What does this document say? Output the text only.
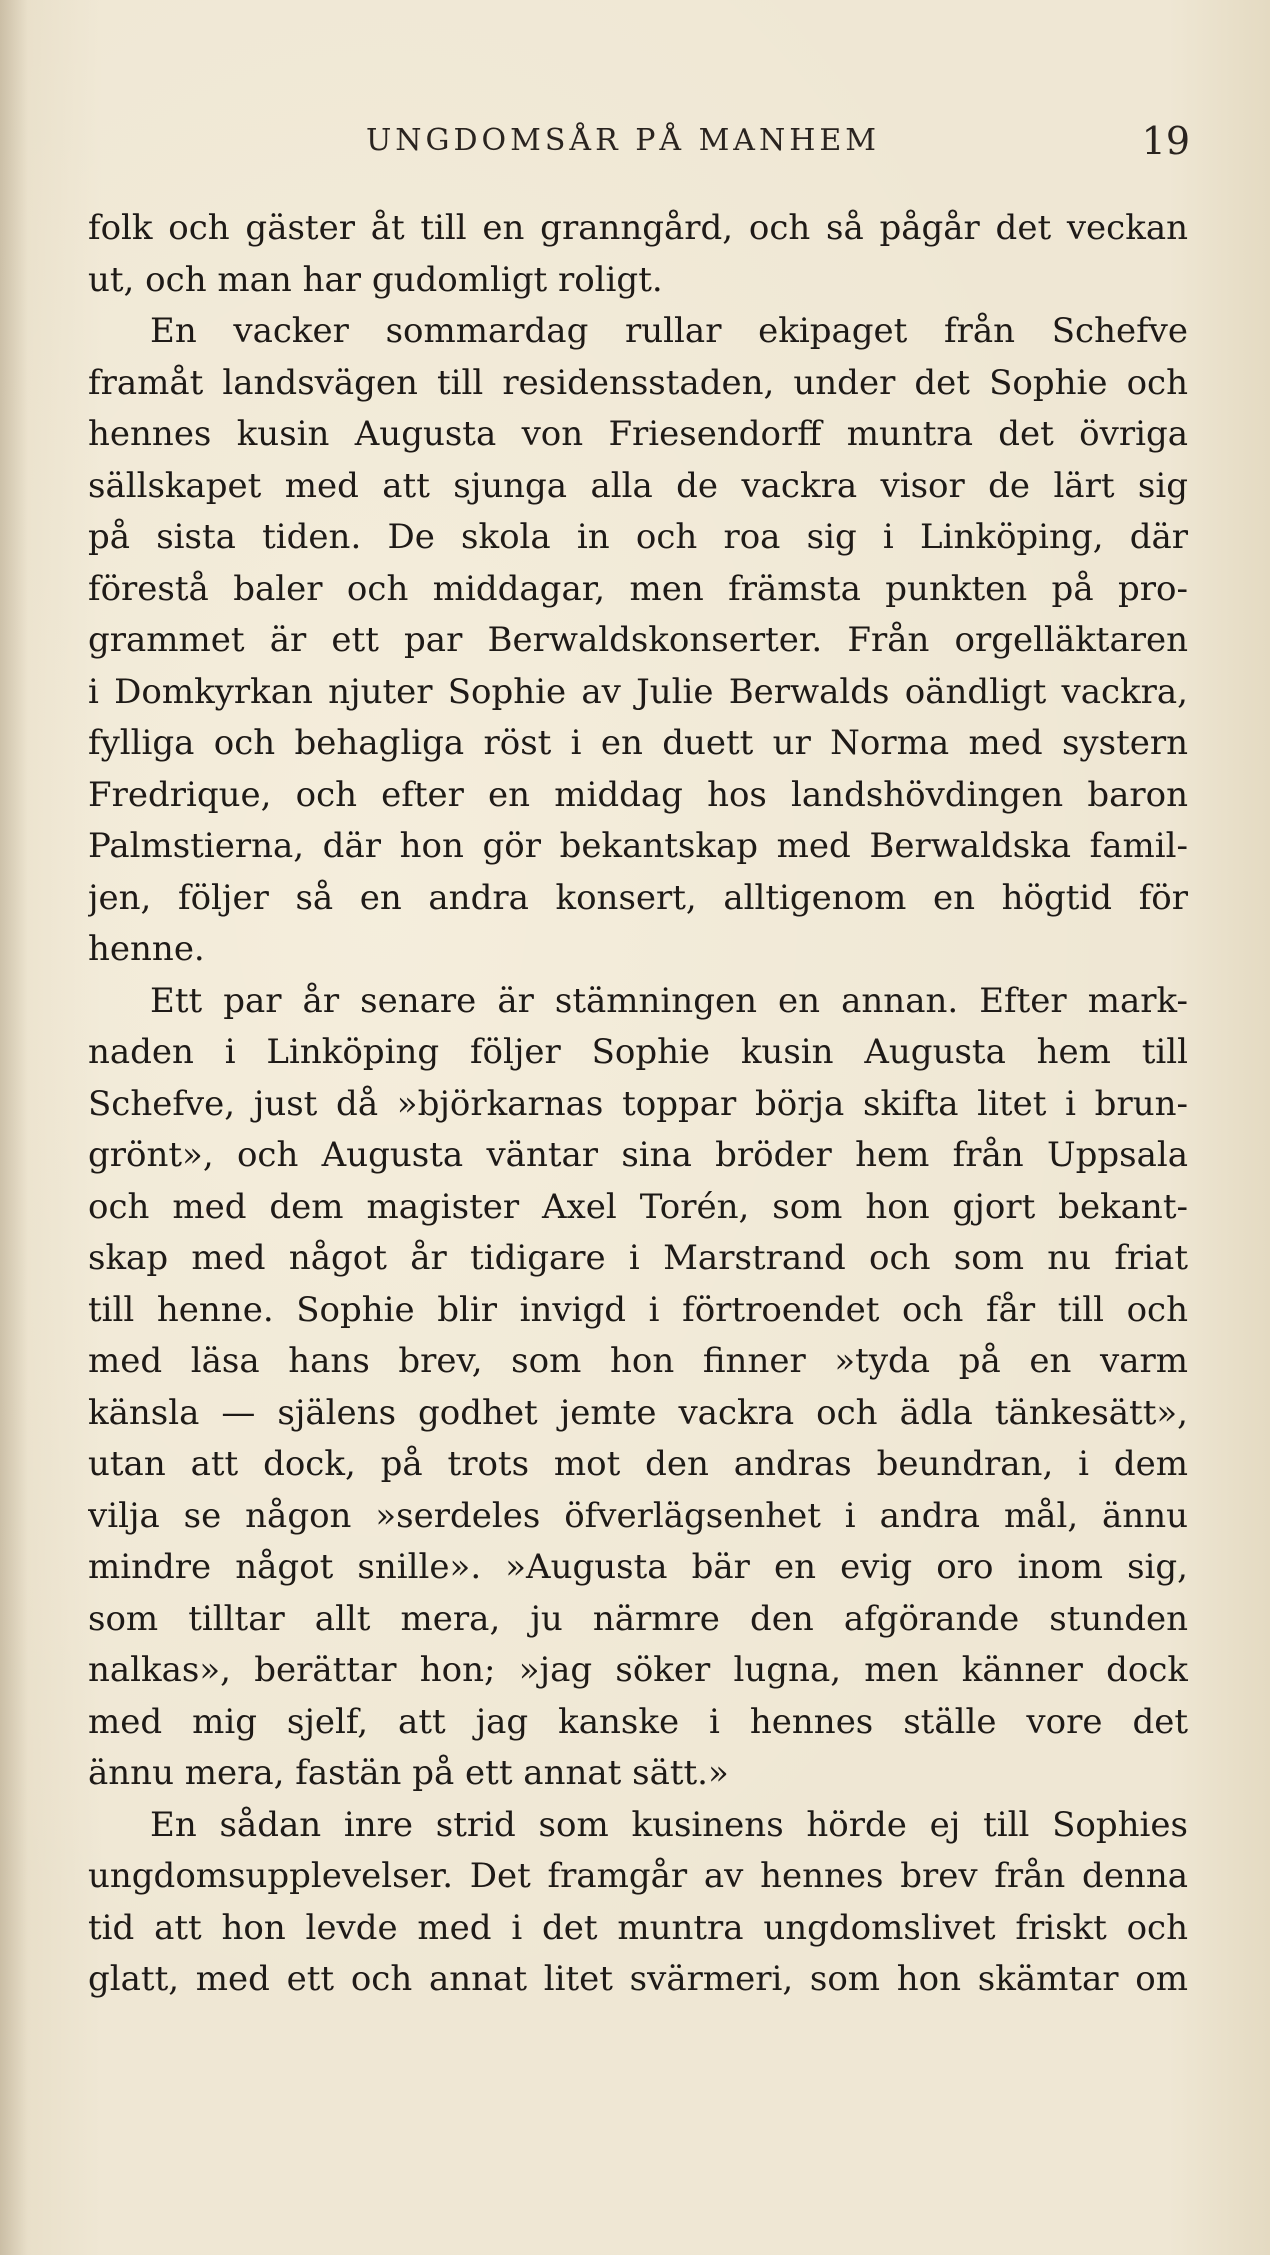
UNGDOMSÅR PÅ MANHEM	19
folk och gäster åt till en granngård, och så pågår det veckan
ut, och man har gudomligt roligt.
En vacker sommardag rullar ekipaget från Schefve
framåt landsvägen till residensstaden, under det Sophie och
hennes kusin Augusta von Friesendorff muntra det övriga
sällskapet med att sjunga alla de vackra visor de lärt sig
på sista tiden. De skola in och roa sig i Linköping, där
förestå baler och middagar, men främsta punkten på pro-
grammet är ett par Berwaldskonserter. Från orgelläktaren
i Domkyrkan njuter Sophie av Julie Berwalds oändligt vackra,
fylliga och behagliga röst i en duett ur Norma med systern
Fredrique, och efter en middag hos landshövdingen baron
Palmstierna, där hon gör bekantskap med Berwaldska famil-
jen, följer så en andra konsert, alltigenom en högtid för
henne.
Ett par år senare är stämningen en annan. Efter mark-
naden i Linköping följer Sophie kusin Augusta hem till
Schefve, just då »björkarnas toppar börja skifta litet i brun-
grönt», och Augusta väntar sina bröder hem från Uppsala
och med dem magister Axel Torén, som hon gjort bekant-
skap med något år tidigare i Marstrand och som nu friat
till henne. Sophie blir invigd i förtroendet och får till och
med läsa hans brev, som hon finner »tyda på en varm
känsla — själens godhet jemte vackra och ädla tänkesätt»,
utan att dock, på trots mot den andras beundran, i dem
vilja se någon »serdeles öfverlägsenhet i andra mål, ännu
mindre något snille». »Augusta bär en evig oro inom sig,
som tilltar allt mera, ju närmre den afgörande stunden
nalkas», berättar hon; »jag söker lugna, men känner dock
med mig sjelf, att jag kanske i hennes ställe vore det
ännu mera, fastän på ett annat sätt.»
En sådan inre strid som kusinens hörde ej till Sophies
ungdomsupplevelser. Det framgår av hennes brev från denna
tid att hon levde med i det muntra ungdomslivet friskt och
glatt, med ett och annat litet svärmeri, som hon skämtar om
